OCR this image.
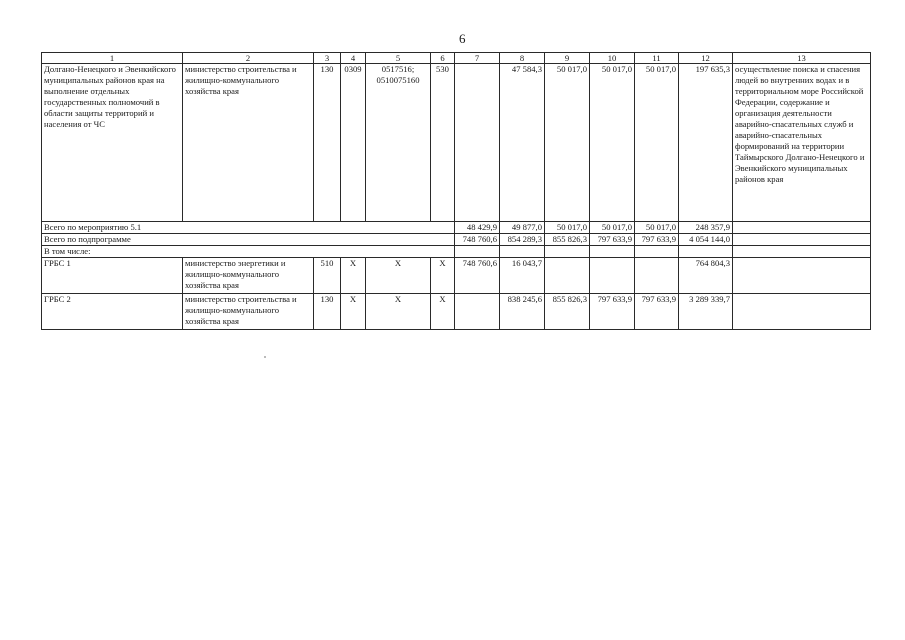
6
1	2	3	4	5	6	7	8	9	10	11	12	13
Долгано-Ненецкого и Эвенкийского муниципальных районов края на выполнение отдельных государственных полномочий в области защиты территорий и населения от ЧС	министерство строительства и жилищно-коммунального хозяйства края	130	0309	0517516; 0510075160	530		47 584,3	50 017,0	50 017,0	50 017,0	197 635,3	осуществление поиска и спасения людей во внутренних водах и в территориальном море Российской Федерации, содержание и организация деятельности аварийно-спасательных служб и аварийно-спасательных формирований на территории Таймырского Долгано-Ненецкого и Эвенкийского муниципальных районов края
Всего по мероприятию 5.1						48 429,9	49 877,0	50 017,0	50 017,0	50 017,0	248 357,9	
Всего по подпрограмме						748 760,6	854 289,3	855 826,3	797 633,9	797 633,9	4 054 144,0	
В том числе:												
ГРБС 1	министерство энергетики и жилищно-коммунального хозяйства края	510	Х	Х	Х	748 760,6	16 043,7				764 804,3	
ГРБС 2	министерство строительства и жилищно-коммунального хозяйства края	130	Х	Х	Х		838 245,6	855 826,3	797 633,9	797 633,9	3 289 339,7	
